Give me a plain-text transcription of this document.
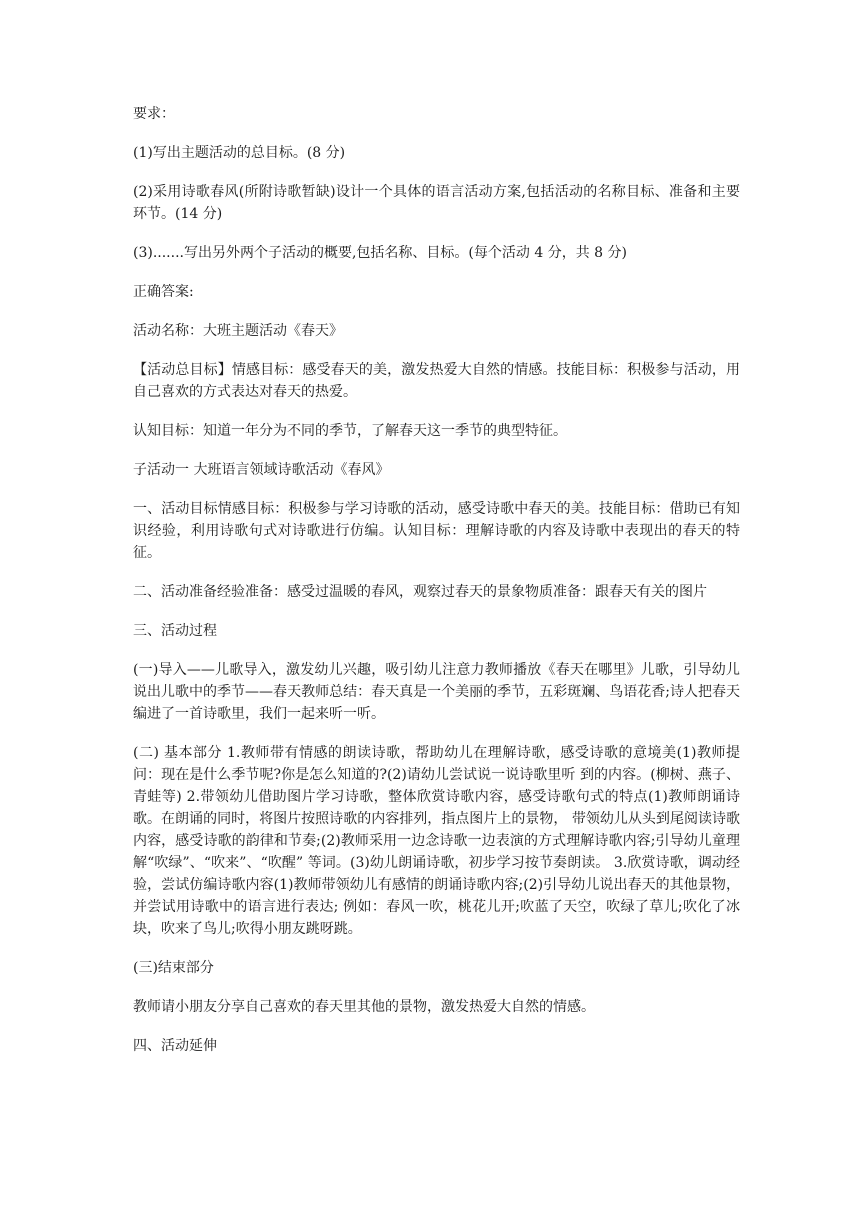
要求：

(1)写出主题活动的总目标。(8 分)

(2)采用诗歌春风(所附诗歌暂缺)设计一个具体的语言活动方案,包括活动的名称目标、准备和主要环节。(14 分)

(3).......写出另外两个子活动的概要,包括名称、目标。(每个活动 4 分，共 8 分)

正确答案:

活动名称：大班主题活动《春天》

【活动总目标】情感目标：感受春天的美，激发热爱大自然的情感。技能目标：积极参与活动，用自己喜欢的方式表达对春天的热爱。

认知目标：知道一年分为不同的季节，了解春天这一季节的典型特征。

子活动一 大班语言领域诗歌活动《春风》

一、活动目标情感目标：积极参与学习诗歌的活动，感受诗歌中春天的美。技能目标：借助已有知识经验，利用诗歌句式对诗歌进行仿编。认知目标：理解诗歌的内容及诗歌中表现出的春天的特征。

二、活动准备经验准备：感受过温暖的春风，观察过春天的景象物质准备：跟春天有关的图片

三、活动过程

(一)导入——儿歌导入，激发幼儿兴趣，吸引幼儿注意力教师播放《春天在哪里》儿歌，引导幼儿说出儿歌中的季节——春天教师总结：春天真是一个美丽的季节，五彩斑斓、鸟语花香;诗人把春天编进了一首诗歌里，我们一起来听一听。

(二) 基本部分 1.教师带有情感的朗读诗歌，帮助幼儿在理解诗歌，感受诗歌的意境美(1)教师提问：现在是什么季节呢?你是怎么知道的?(2)请幼儿尝试说一说诗歌里听 到的内容。(柳树、燕子、青蛙等) 2.带领幼儿借助图片学习诗歌，整体欣赏诗歌内容，感受诗歌句式的特点(1)教师朗诵诗歌。在朗诵的同时，将图片按照诗歌的内容排列，指点图片上的景物， 带领幼儿从头到尾阅读诗歌内容，感受诗歌的韵律和节奏;(2)教师采用一边念诗歌一边表演的方式理解诗歌内容;引导幼儿童理解“吹绿”、“吹来”、“吹醒” 等词。(3)幼儿朗诵诗歌，初步学习按节奏朗读。 3.欣赏诗歌，调动经验，尝试仿编诗歌内容(1)教师带领幼儿有感情的朗诵诗歌内容;(2)引导幼儿说出春天的其他景物，并尝试用诗歌中的语言进行表达; 例如：春风一吹，桃花儿开;吹蓝了天空，吹绿了草儿;吹化了冰块，吹来了鸟儿;吹得小朋友跳呀跳。

(三)结束部分

教师请小朋友分享自己喜欢的春天里其他的景物，激发热爱大自然的情感。

四、活动延伸
